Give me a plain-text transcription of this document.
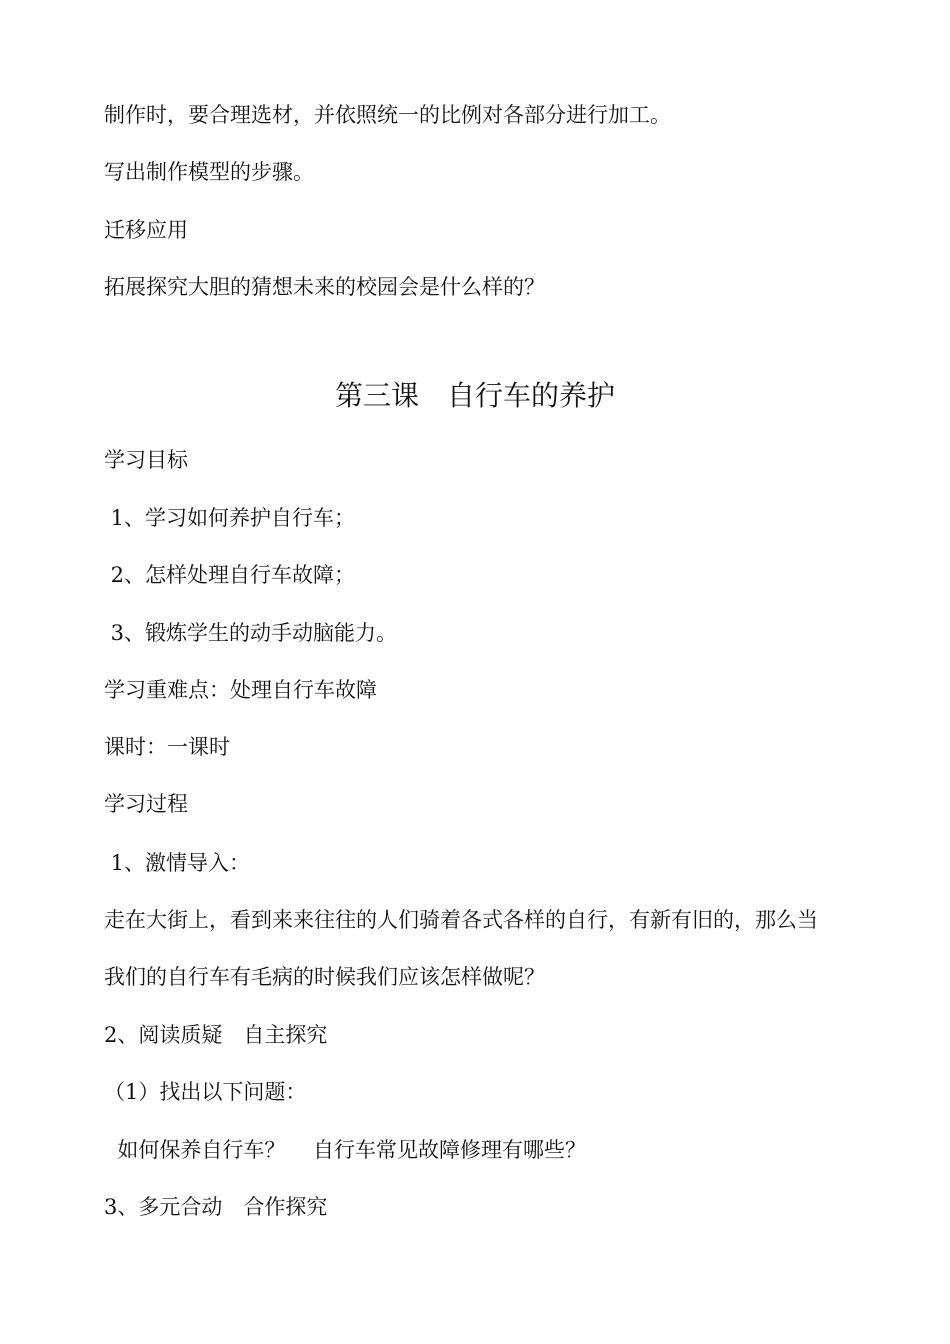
制作时，要合理选材，并依照统一的比例对各部分进行加工。

写出制作模型的步骤。

迁移应用

拓展探究大胆的猜想未来的校园会是什么样的？

第三课　自行车的养护

学习目标

1、学习如何养护自行车；

2、怎样处理自行车故障；

3、锻炼学生的动手动脑能力。

学习重难点：处理自行车故障

课时：一课时

学习过程

1、激情导入：

走在大街上，看到来来往往的人们骑着各式各样的自行，有新有旧的，那么当

我们的自行车有毛病的时候我们应该怎样做呢？

2、阅读质疑　自主探究

（1）找出以下问题：

如何保养自行车？　 自行车常见故障修理有哪些？

3、多元合动　合作探究
